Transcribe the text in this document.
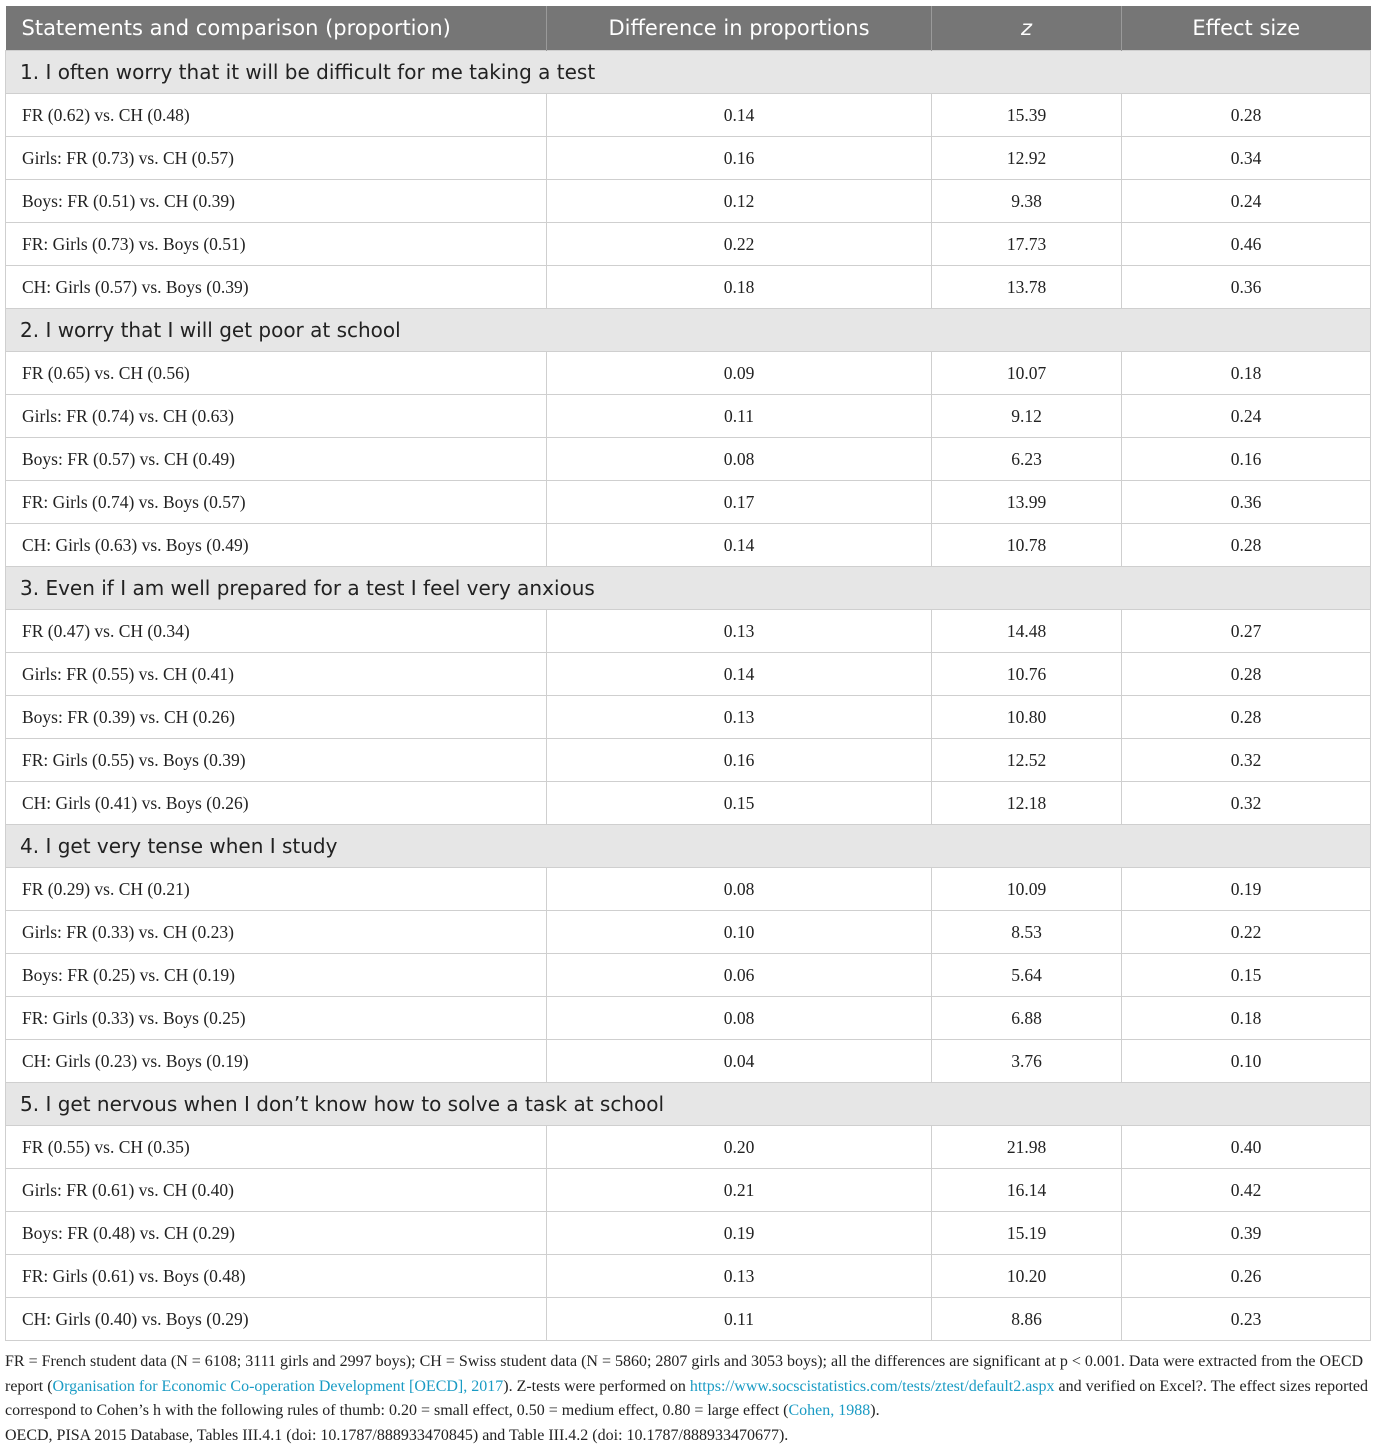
Statements and comparison (proportion)	Difference in proportions	z	Effect size
1. I often worry that it will be difficult for me taking a test			
FR (0.62) vs. CH (0.48)	0.14	15.39	0.28
Girls: FR (0.73) vs. CH (0.57)	0.16	12.92	0.34
Boys: FR (0.51) vs. CH (0.39)	0.12	9.38	0.24
FR: Girls (0.73) vs. Boys (0.51)	0.22	17.73	0.46
CH: Girls (0.57) vs. Boys (0.39)	0.18	13.78	0.36
2. I worry that I will get poor at school			
FR (0.65) vs. CH (0.56)	0.09	10.07	0.18
Girls: FR (0.74) vs. CH (0.63)	0.11	9.12	0.24
Boys: FR (0.57) vs. CH (0.49)	0.08	6.23	0.16
FR: Girls (0.74) vs. Boys (0.57)	0.17	13.99	0.36
CH: Girls (0.63) vs. Boys (0.49)	0.14	10.78	0.28
3. Even if I am well prepared for a test I feel very anxious			
FR (0.47) vs. CH (0.34)	0.13	14.48	0.27
Girls: FR (0.55) vs. CH (0.41)	0.14	10.76	0.28
Boys: FR (0.39) vs. CH (0.26)	0.13	10.80	0.28
FR: Girls (0.55) vs. Boys (0.39)	0.16	12.52	0.32
CH: Girls (0.41) vs. Boys (0.26)	0.15	12.18	0.32
4. I get very tense when I study			
FR (0.29) vs. CH (0.21)	0.08	10.09	0.19
Girls: FR (0.33) vs. CH (0.23)	0.10	8.53	0.22
Boys: FR (0.25) vs. CH (0.19)	0.06	5.64	0.15
FR: Girls (0.33) vs. Boys (0.25)	0.08	6.88	0.18
CH: Girls (0.23) vs. Boys (0.19)	0.04	3.76	0.10
5. I get nervous when I don’t know how to solve a task at school			
FR (0.55) vs. CH (0.35)	0.20	21.98	0.40
Girls: FR (0.61) vs. CH (0.40)	0.21	16.14	0.42
Boys: FR (0.48) vs. CH (0.29)	0.19	15.19	0.39
FR: Girls (0.61) vs. Boys (0.48)	0.13	10.20	0.26
CH: Girls (0.40) vs. Boys (0.29)	0.11	8.86	0.23
FR = French student data (N = 6108; 3111 girls and 2997 boys); CH = Swiss student data (N = 5860; 2807 girls and 3053 boys); all the differences are significant at p < 0.001. Data were extracted from the OECD report (Organisation for Economic Co-operation Development [OECD], 2017). Z-tests were performed on https://www.socscistatistics.com/tests/ztest/default2.aspx and verified on Excel?. The effect sizes reported correspond to Cohen’s h with the following rules of thumb: 0.20 = small effect, 0.50 = medium effect, 0.80 = large effect (Cohen, 1988).
OECD, PISA 2015 Database, Tables III.4.1 (doi: 10.1787/888933470845) and Table III.4.2 (doi: 10.1787/888933470677).
